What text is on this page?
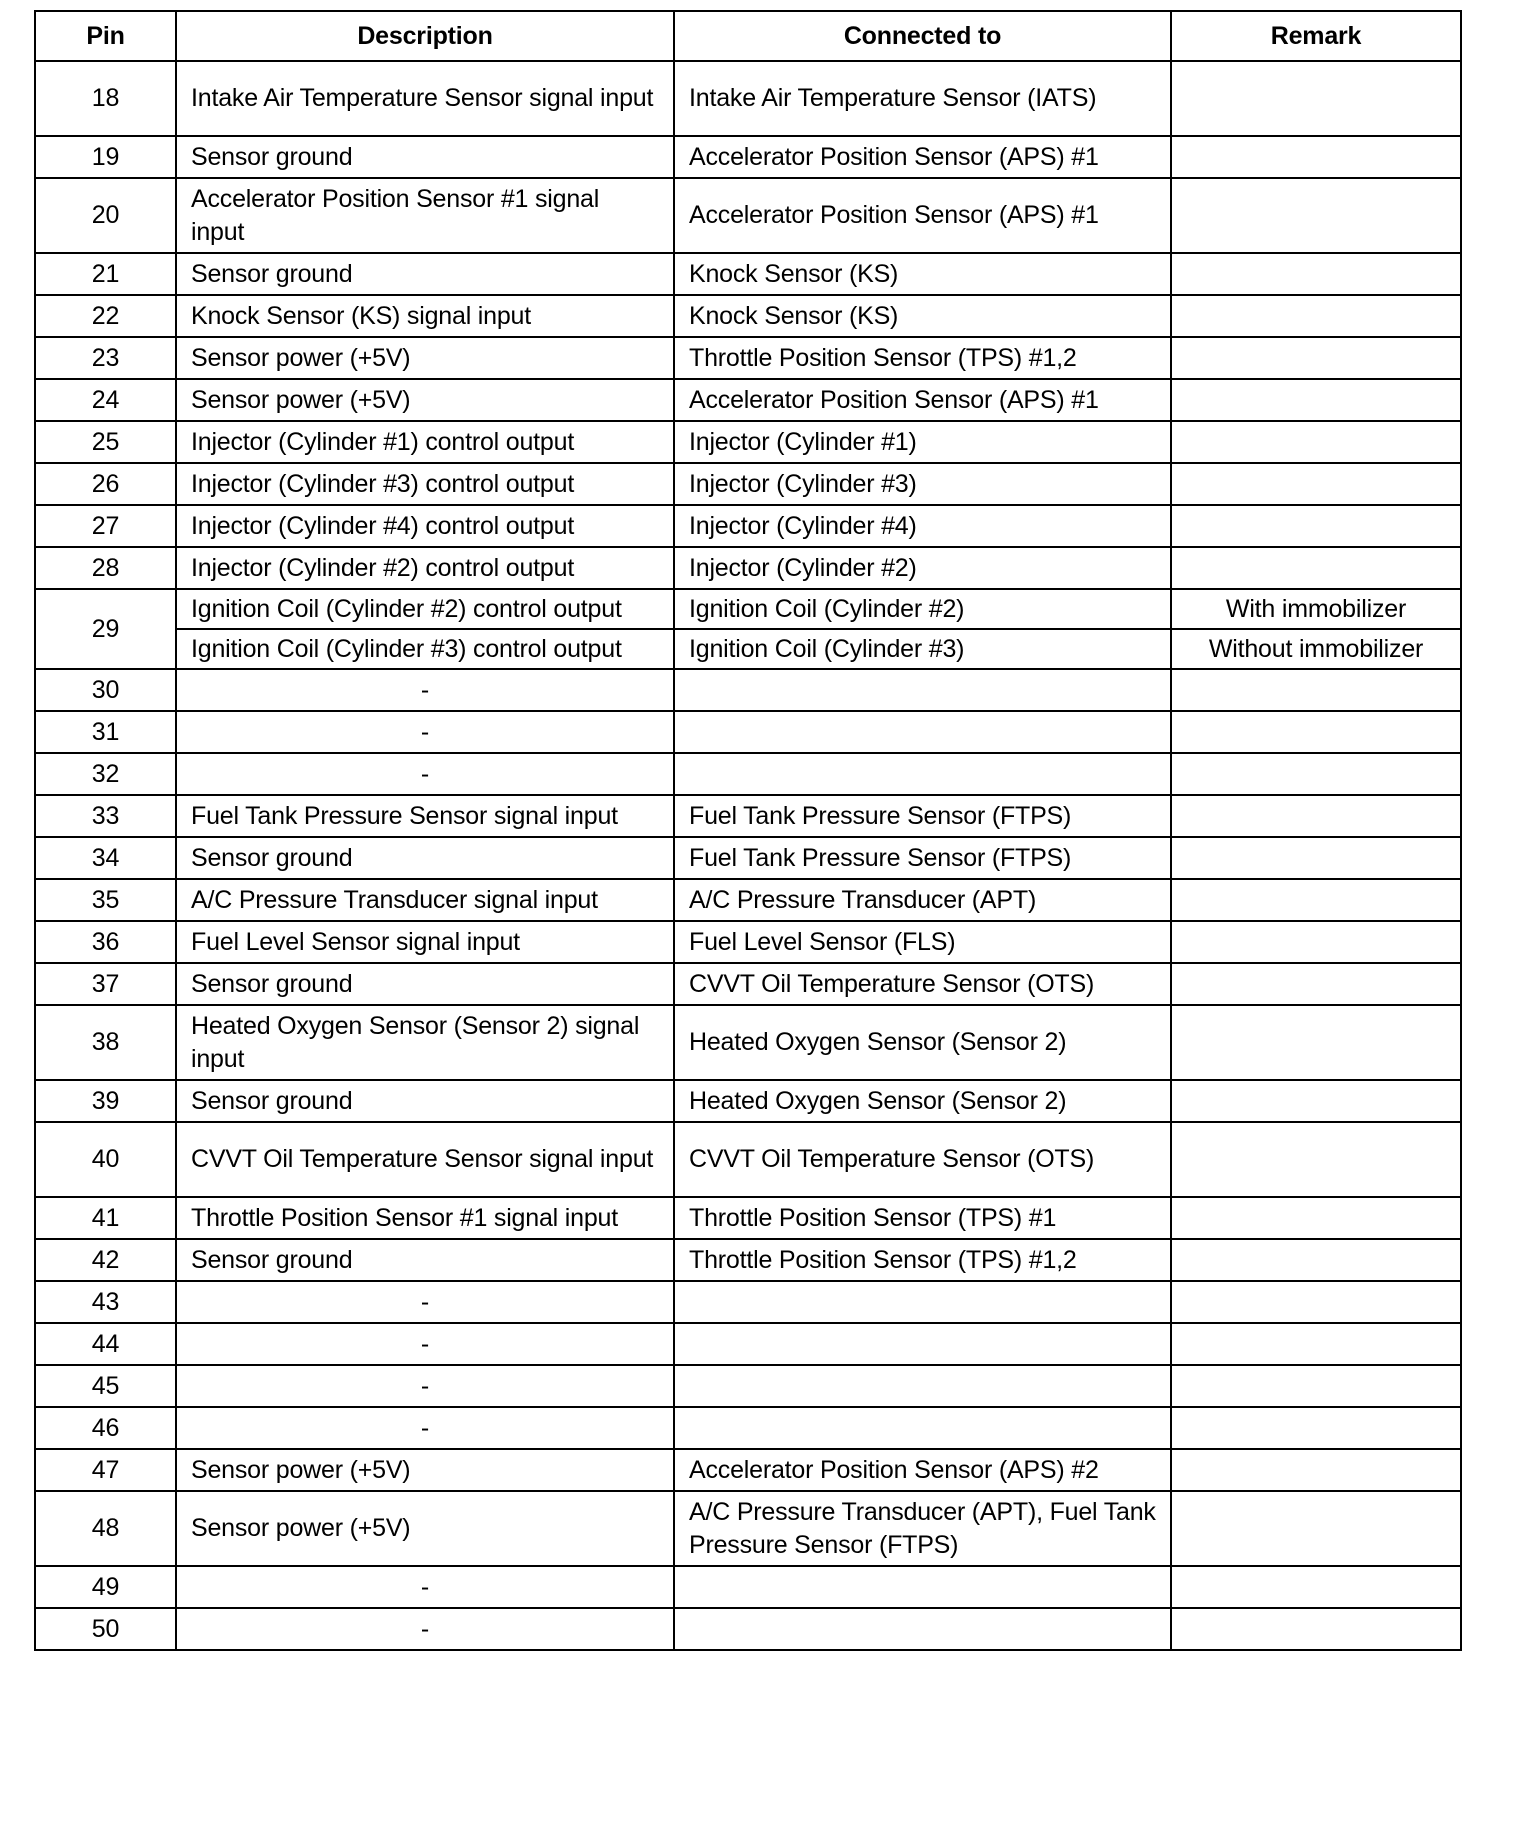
Pin	Description	Connected to	Remark
18	Intake Air Temperature Sensor signal input	Intake Air Temperature Sensor (IATS)	
19	Sensor ground	Accelerator Position Sensor (APS) #1	
20	Accelerator Position Sensor #1 signal input	Accelerator Position Sensor (APS) #1	
21	Sensor ground	Knock Sensor (KS)	
22	Knock Sensor (KS) signal input	Knock Sensor (KS)	
23	Sensor power (+5V)	Throttle Position Sensor (TPS) #1,2	
24	Sensor power (+5V)	Accelerator Position Sensor (APS) #1	
25	Injector (Cylinder #1) control output	Injector (Cylinder #1)	
26	Injector (Cylinder #3) control output	Injector (Cylinder #3)	
27	Injector (Cylinder #4) control output	Injector (Cylinder #4)	
28	Injector (Cylinder #2) control output	Injector (Cylinder #2)	
29	Ignition Coil (Cylinder #2) control output	Ignition Coil (Cylinder #2)	With immobilizer
	Ignition Coil (Cylinder #3) control output	Ignition Coil (Cylinder #3)	Without immobilizer
30	-		
31	-		
32	-		
33	Fuel Tank Pressure Sensor signal input	Fuel Tank Pressure Sensor (FTPS)	
34	Sensor ground	Fuel Tank Pressure Sensor (FTPS)	
35	A/C Pressure Transducer signal input	A/C Pressure Transducer (APT)	
36	Fuel Level Sensor signal input	Fuel Level Sensor (FLS)	
37	Sensor ground	CVVT Oil Temperature Sensor (OTS)	
38	Heated Oxygen Sensor (Sensor 2) signal input	Heated Oxygen Sensor (Sensor 2)	
39	Sensor ground	Heated Oxygen Sensor (Sensor 2)	
40	CVVT Oil Temperature Sensor signal input	CVVT Oil Temperature Sensor (OTS)	
41	Throttle Position Sensor #1 signal input	Throttle Position Sensor (TPS) #1	
42	Sensor ground	Throttle Position Sensor (TPS) #1,2	
43	-		
44	-		
45	-		
46	-		
47	Sensor power (+5V)	Accelerator Position Sensor (APS) #2	
48	Sensor power (+5V)	A/C Pressure Transducer (APT), Fuel Tank Pressure Sensor (FTPS)	
49	-		
50	-		
